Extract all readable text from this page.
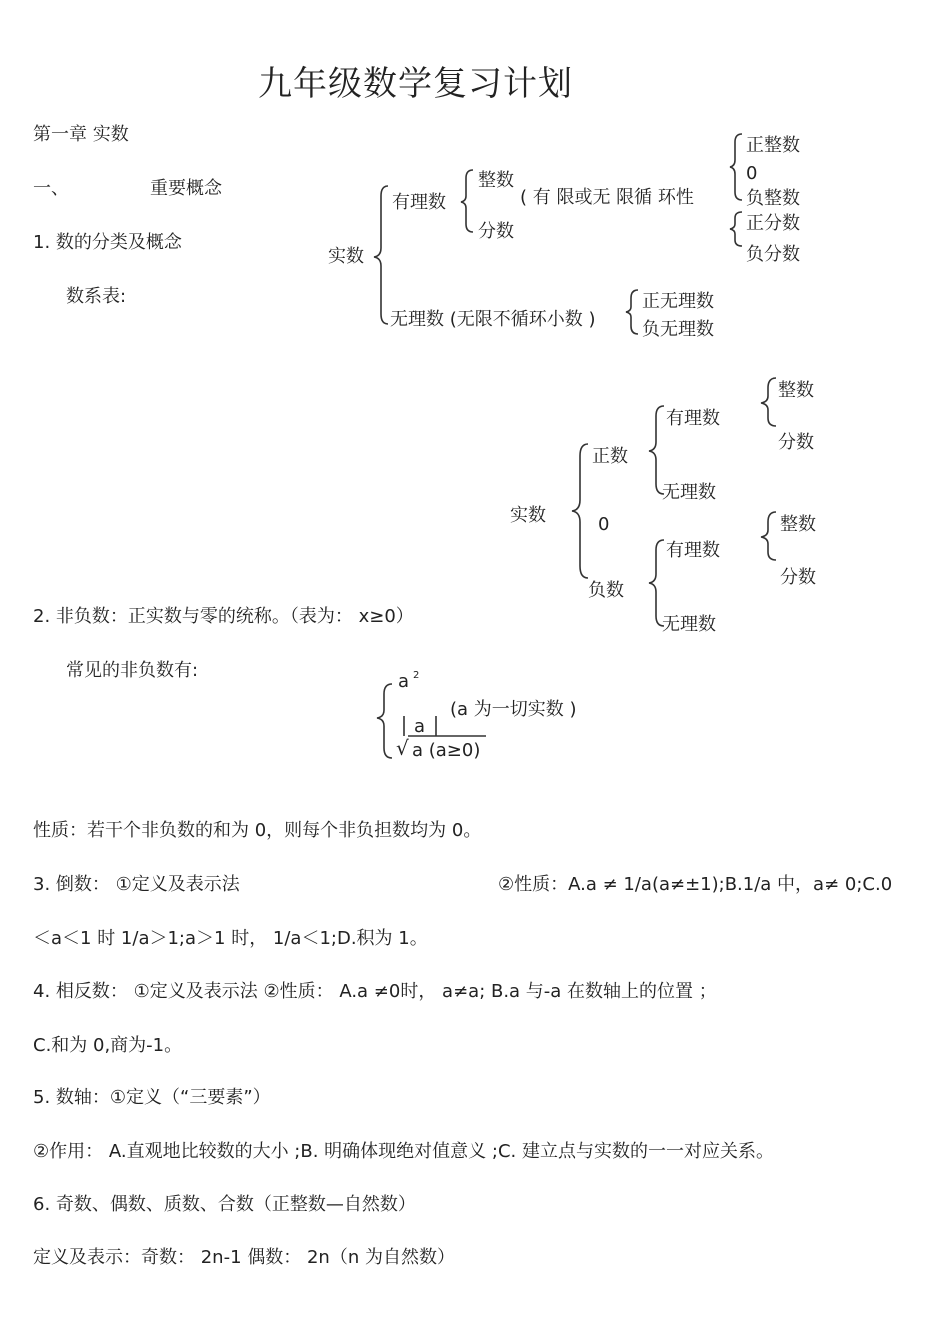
九年级数学复习计划
第一章 实数
一、	重要概念
1. 数的分类及概念
数系表:
实数
有理数
整数
分数
( 有 限或无 限循 环性
正整数
0
负整数
正分数
负分数
无理数 (无限不循环小数 )
正无理数
负无理数
实数
正数
0
负数
有理数
无理数
整数
分数
有理数
无理数
整数
分数
2. 非负数：正实数与零的统称。（表为： x≥0）
常见的非负数有:
a $^2$
a
(a 为一切实数 )
√ a (a≥0)
性质：若干个非负数的和为 0，则每个非负担数均为 0。
3. 倒数： ①定义及表示法	②性质：A.a ≠ 1/a(a≠±1);B.1/a 中，a≠ 0;C.0
＜a＜1 时 1/a＞1;a＞1 时， 1/a＜1;D.积为 1。
4. 相反数： ①定义及表示法 ②性质： A.a ≠0时， a≠a; B.a 与-a 在数轴上的位置 ；
C.和为 0,商为-1。
5. 数轴：①定义（“三要素”）
②作用： A.直观地比较数的大小 ;B. 明确体现绝对值意义 ;C. 建立点与实数的一一对应关系。
6. 奇数、偶数、质数、合数（正整数—自然数）
定义及表示：奇数： 2n-1 偶数： 2n（n 为自然数）
